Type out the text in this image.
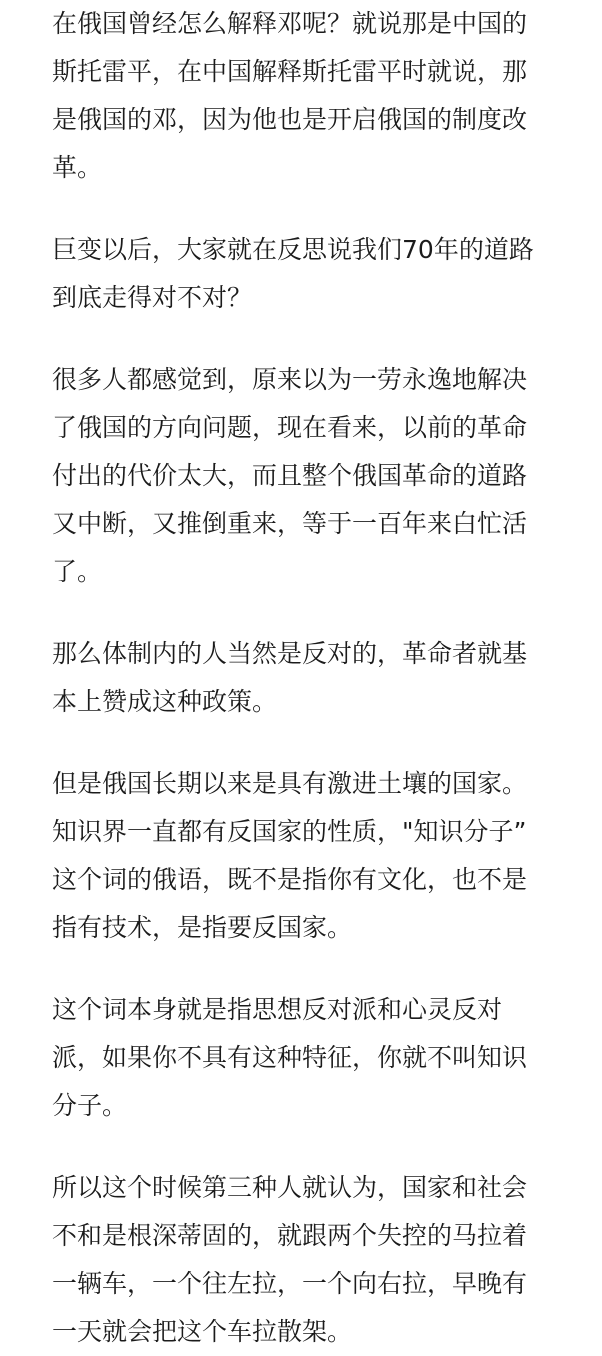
在俄国曾经怎么解释邓呢？就说那是中国的
斯托雷平，在中国解释斯托雷平时就说，那
是俄国的邓，因为他也是开启俄国的制度改
革。
巨变以后，大家就在反思说我们70年的道路
到底走得对不对？
很多人都感觉到，原来以为一劳永逸地解决
了俄国的方向问题，现在看来，以前的革命
付出的代价太大，而且整个俄国革命的道路
又中断，又推倒重来，等于一百年来白忙活
了。
那么体制内的人当然是反对的，革命者就基
本上赞成这种政策。
但是俄国长期以来是具有激进土壤的国家。
知识界一直都有反国家的性质，"知识分子”
这个词的俄语，既不是指你有文化，也不是
指有技术，是指要反国家。
这个词本身就是指思想反对派和心灵反对
派，如果你不具有这种特征，你就不叫知识
分子。
所以这个时候第三种人就认为，国家和社会
不和是根深蒂固的，就跟两个失控的马拉着
一辆车，一个往左拉，一个向右拉，早晚有
一天就会把这个车拉散架。
